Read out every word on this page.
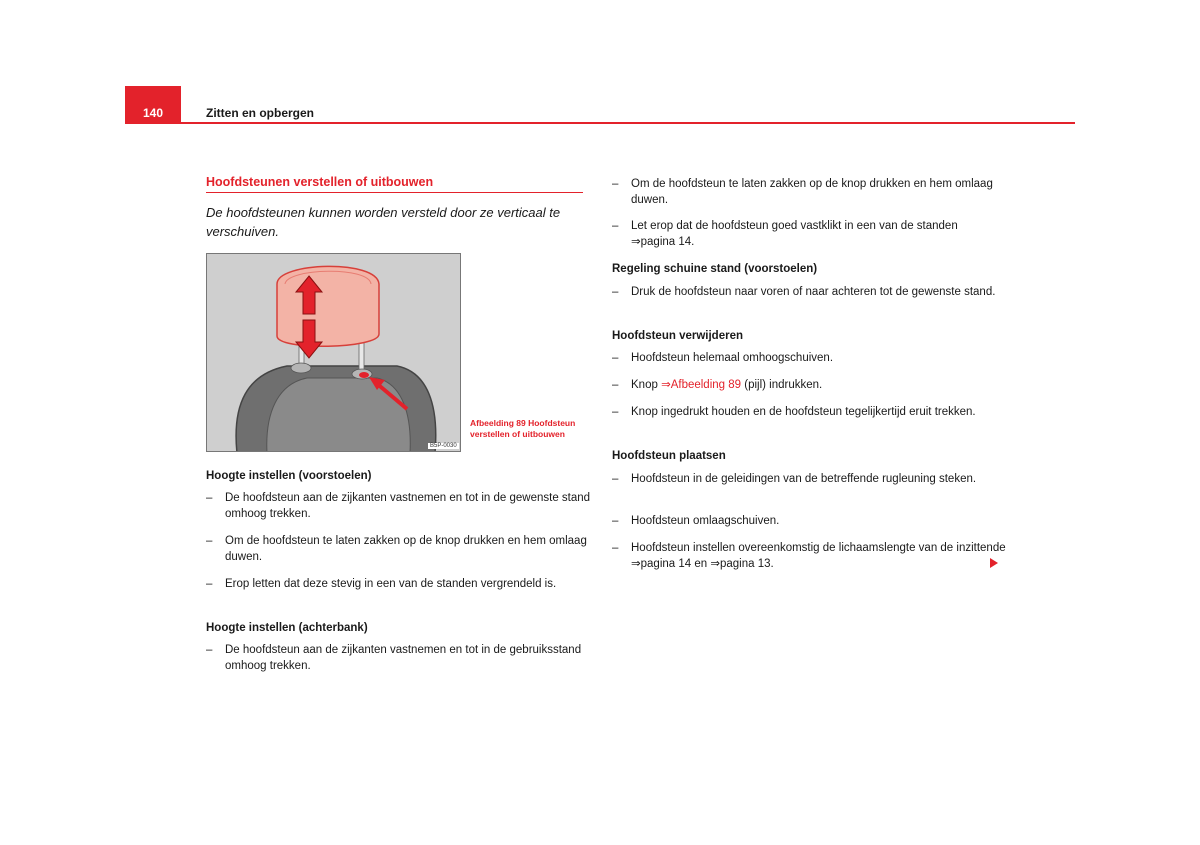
140	Zitten en opbergen
Hoofdsteunen verstellen of uitbouwen
De hoofdsteunen kunnen worden versteld door ze verticaal te verschuiven.
B5P-0030
Afbeelding 89 Hoofdsteun verstellen of uitbouwen
Hoogte instellen (voorstoelen)
– De hoofdsteun aan de zijkanten vastnemen en tot in de gewenste stand omhoog trekken.
– Om de hoofdsteun te laten zakken op de knop drukken en hem omlaag duwen.
– Erop letten dat deze stevig in een van de standen vergrendeld is.
Hoogte instellen (achterbank)
– De hoofdsteun aan de zijkanten vastnemen en tot in de gebruiksstand omhoog trekken.
– Om de hoofdsteun te laten zakken op de knop drukken en hem omlaag duwen.
– Let erop dat de hoofdsteun goed vastklikt in een van de standen ⇒pagina 14.
Regeling schuine stand (voorstoelen)
– Druk de hoofdsteun naar voren of naar achteren tot de gewenste stand.
Hoofdsteun verwijderen
– Hoofdsteun helemaal omhoogschuiven.
– Knop ⇒Afbeelding 89 (pijl) indrukken.
– Knop ingedrukt houden en de hoofdsteun tegelijkertijd eruit trekken.
Hoofdsteun plaatsen
– Hoofdsteun in de geleidingen van de betreffende rugleuning steken.
– Hoofdsteun omlaagschuiven.
– Hoofdsteun instellen overeenkomstig de lichaamslengte van de inzittende ⇒pagina 14 en ⇒pagina 13.
